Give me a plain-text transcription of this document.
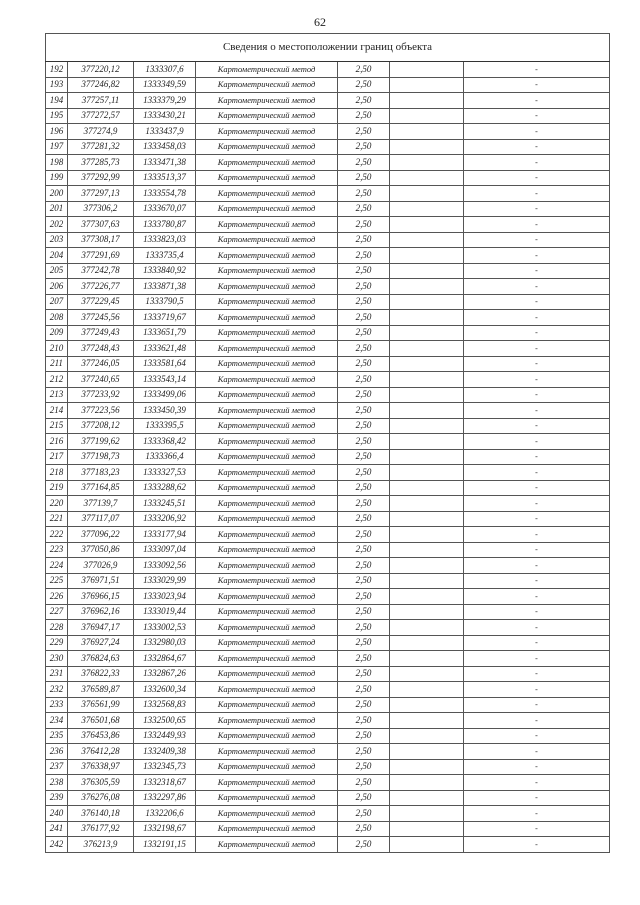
62
Сведения о местоположении границ объекта						
192	377220,12	1333307,6	Картометрический метод	2,50		-
193	377246,82	1333349,59	Картометрический метод	2,50		-
194	377257,11	1333379,29	Картометрический метод	2,50		-
195	377272,57	1333430,21	Картометрический метод	2,50		-
196	377274,9	1333437,9	Картометрический метод	2,50		-
197	377281,32	1333458,03	Картометрический метод	2,50		-
198	377285,73	1333471,38	Картометрический метод	2,50		-
199	377292,99	1333513,37	Картометрический метод	2,50		-
200	377297,13	1333554,78	Картометрический метод	2,50		-
201	377306,2	1333670,07	Картометрический метод	2,50		-
202	377307,63	1333780,87	Картометрический метод	2,50		-
203	377308,17	1333823,03	Картометрический метод	2,50		-
204	377291,69	1333735,4	Картометрический метод	2,50		-
205	377242,78	1333840,92	Картометрический метод	2,50		-
206	377226,77	1333871,38	Картометрический метод	2,50		-
207	377229,45	1333790,5	Картометрический метод	2,50		-
208	377245,56	1333719,67	Картометрический метод	2,50		-
209	377249,43	1333651,79	Картометрический метод	2,50		-
210	377248,43	1333621,48	Картометрический метод	2,50		-
211	377246,05	1333581,64	Картометрический метод	2,50		-
212	377240,65	1333543,14	Картометрический метод	2,50		-
213	377233,92	1333499,06	Картометрический метод	2,50		-
214	377223,56	1333450,39	Картометрический метод	2,50		-
215	377208,12	1333395,5	Картометрический метод	2,50		-
216	377199,62	1333368,42	Картометрический метод	2,50		-
217	377198,73	1333366,4	Картометрический метод	2,50		-
218	377183,23	1333327,53	Картометрический метод	2,50		-
219	377164,85	1333288,62	Картометрический метод	2,50		-
220	377139,7	1333245,51	Картометрический метод	2,50		-
221	377117,07	1333206,92	Картометрический метод	2,50		-
222	377096,22	1333177,94	Картометрический метод	2,50		-
223	377050,86	1333097,04	Картометрический метод	2,50		-
224	377026,9	1333092,56	Картометрический метод	2,50		-
225	376971,51	1333029,99	Картометрический метод	2,50		-
226	376966,15	1333023,94	Картометрический метод	2,50		-
227	376962,16	1333019,44	Картометрический метод	2,50		-
228	376947,17	1333002,53	Картометрический метод	2,50		-
229	376927,24	1332980,03	Картометрический метод	2,50		-
230	376824,63	1332864,67	Картометрический метод	2,50		-
231	376822,33	1332867,26	Картометрический метод	2,50		-
232	376589,87	1332600,34	Картометрический метод	2,50		-
233	376561,99	1332568,83	Картометрический метод	2,50		-
234	376501,68	1332500,65	Картометрический метод	2,50		-
235	376453,86	1332449,93	Картометрический метод	2,50		-
236	376412,28	1332409,38	Картометрический метод	2,50		-
237	376338,97	1332345,73	Картометрический метод	2,50		-
238	376305,59	1332318,67	Картометрический метод	2,50		-
239	376276,08	1332297,86	Картометрический метод	2,50		-
240	376140,18	1332206,6	Картометрический метод	2,50		-
241	376177,92	1332198,67	Картометрический метод	2,50		-
242	376213,9	1332191,15	Картометрический метод	2,50		-
